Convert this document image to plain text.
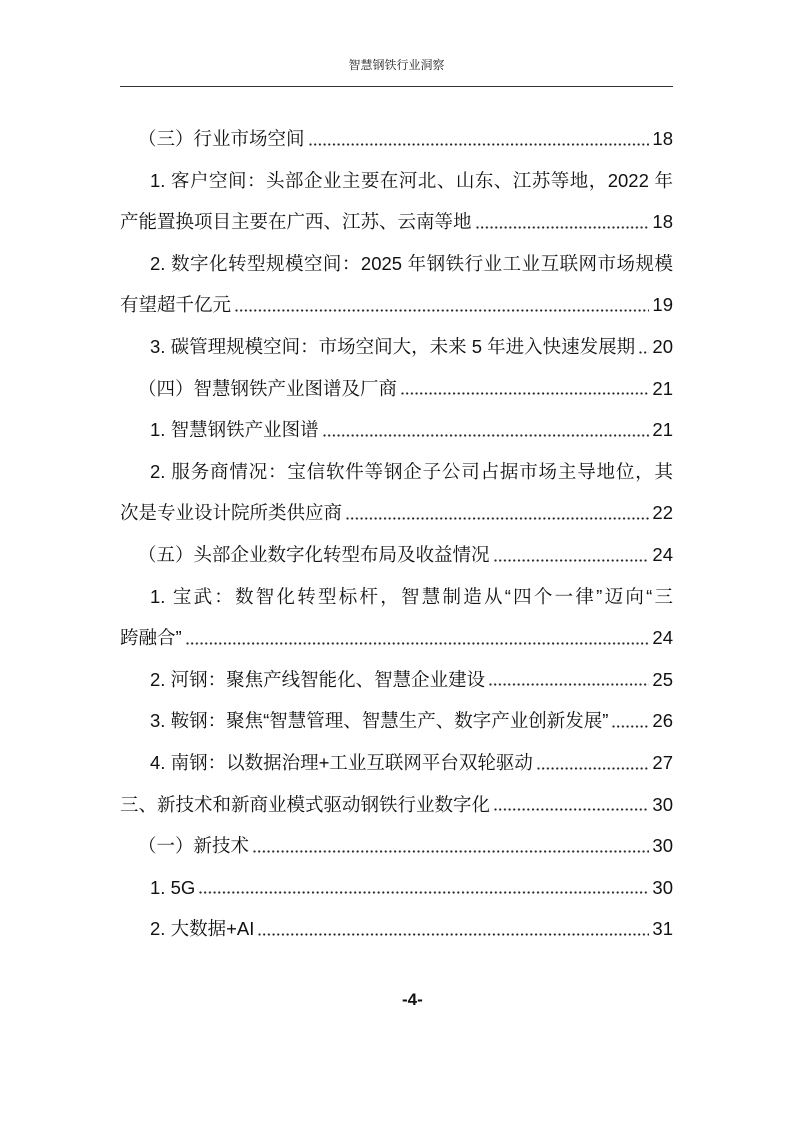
智慧钢铁行业洞察
（三）行业市场空间	18
1. 客户空间：头部企业主要在河北、山东、江苏等地，2022 年
产能置换项目主要在广西、江苏、云南等地	18
2. 数字化转型规模空间：2025 年钢铁行业工业互联网市场规模
有望超千亿元	19
3. 碳管理规模空间：市场空间大，未来 5 年进入快速发展期 20
（四）智慧钢铁产业图谱及厂商	21
1. 智慧钢铁产业图谱	21
2. 服务商情况：宝信软件等钢企子公司占据市场主导地位，其
次是专业设计院所类供应商	22
（五）头部企业数字化转型布局及收益情况	24
1. 宝武：数智化转型标杆，智慧制造从“四个一律”迈向“三
跨融合”	24
2. 河钢：聚焦产线智能化、智慧企业建设	25
3. 鞍钢：聚焦“智慧管理、智慧生产、数字产业创新发展” 26
4. 南钢：以数据治理+工业互联网平台双轮驱动	27
三、新技术和新商业模式驱动钢铁行业数字化	30
（一）新技术	30
1. 5G	30
2. 大数据+AI	31
-4-
